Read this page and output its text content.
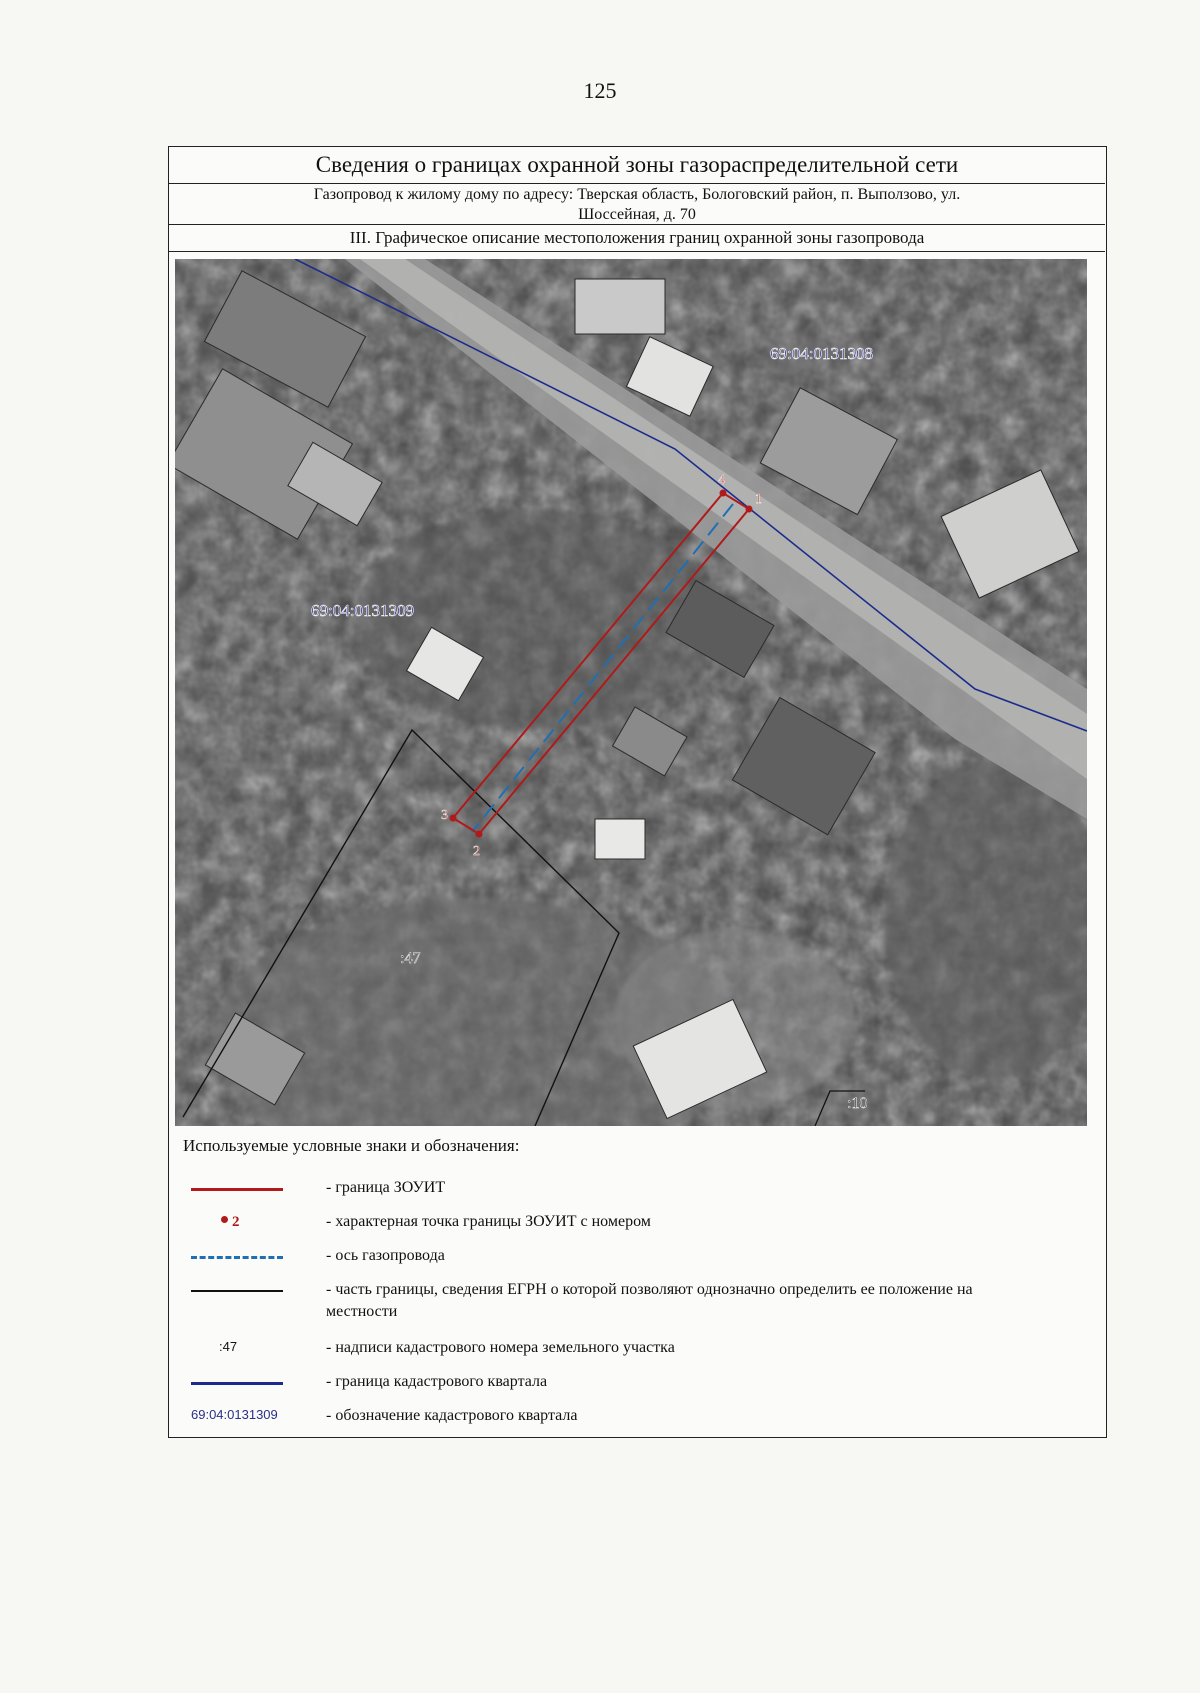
125
Сведения о границах охранной зоны газораспределительной сети
Газопровод к жилому дому по адресу: Тверская область, Бологовский район, п. Выползово, ул.
Шоссейная, д. 70
III. Графическое описание местоположения границ охранной зоны газопровода
1
2
3
4
69:04:0131308
69:04:0131309
:47
:10
Используемые условные знаки и обозначения:
- граница ЗОУИТ
2	- характерная точка границы ЗОУИТ с номером
- ось газопровода
- часть границы, сведения ЕГРН о которой позволяют однозначно определить ее положение на местности
:47	- надписи кадастрового номера земельного участка
- граница кадастрового квартала
69:04:0131309	- обозначение кадастрового квартала
